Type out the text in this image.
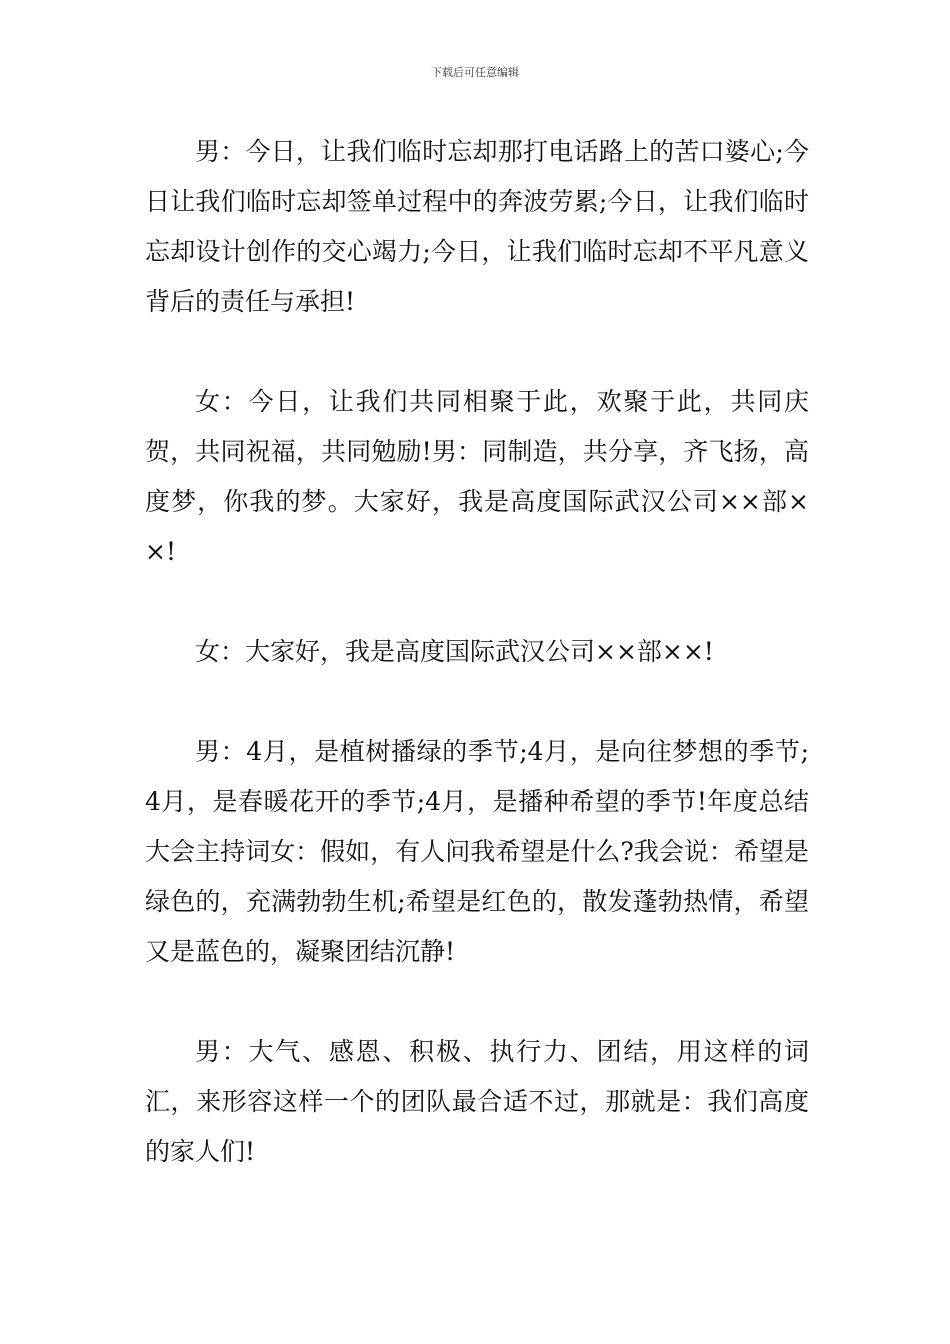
下载后可任意编辑

男：今日，让我们临时忘却那打电话路上的苦口婆心;今日让我们临时忘却签单过程中的奔波劳累;今日，让我们临时忘却设计创作的交心竭力;今日，让我们临时忘却不平凡意义背后的责任与承担!

女：今日，让我们共同相聚于此，欢聚于此，共同庆贺，共同祝福，共同勉励!男：同制造，共分享，齐飞扬，高度梦，你我的梦。大家好，我是高度国际武汉公司××部××!

女：大家好，我是高度国际武汉公司××部××!

男：4月，是植树播绿的季节;4月，是向往梦想的季节;4月，是春暖花开的季节;4月，是播种希望的季节!年度总结大会主持词女：假如，有人问我希望是什么?我会说：希望是绿色的，充满勃勃生机;希望是红色的，散发蓬勃热情，希望又是蓝色的，凝聚团结沉静!

男：大气、感恩、积极、执行力、团结，用这样的词汇，来形容这样一个的团队最合适不过，那就是：我们高度的家人们!
